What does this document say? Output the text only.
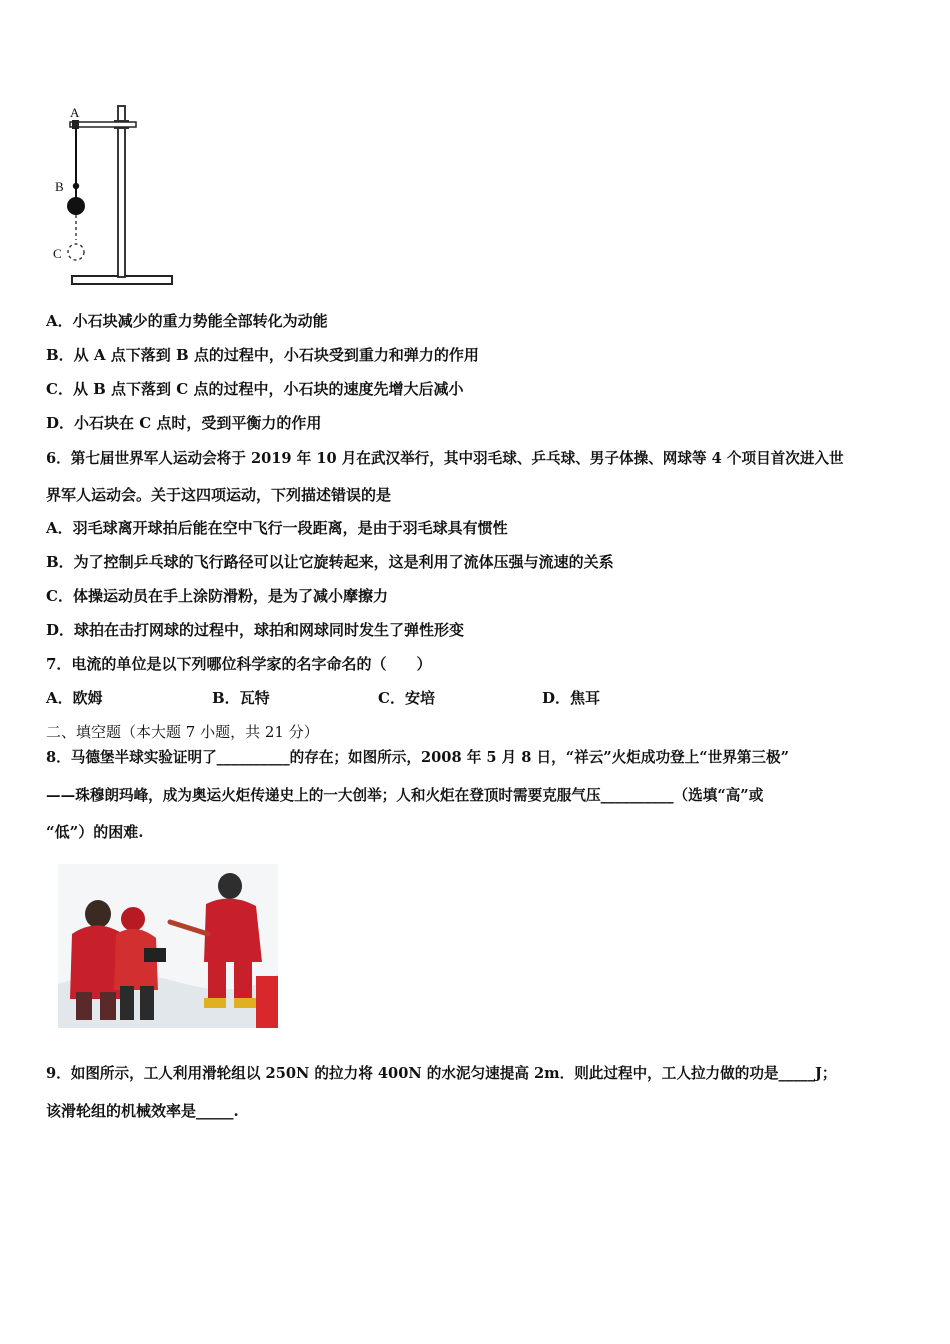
A
B
C
A．小石块减少的重力势能全部转化为动能
B．从 A 点下落到 B 点的过程中，小石块受到重力和弹力的作用
C．从 B 点下落到 C 点的过程中，小石块的速度先增大后减小
D．小石块在 C 点时，受到平衡力的作用
6．第七届世界军人运动会将于 2019 年 10 月在武汉举行，其中羽毛球、乒乓球、男子体操、网球等 4 个项目首次进入世
界军人运动会。关于这四项运动，下列描述错误的是
A．羽毛球离开球拍后能在空中飞行一段距离，是由于羽毛球具有惯性
B．为了控制乒乓球的飞行路径可以让它旋转起来，这是利用了流体压强与流速的关系
C．体操运动员在手上涂防滑粉，是为了减小摩擦力
D．球拍在击打网球的过程中，球拍和网球同时发生了弹性形变
7．电流的单位是以下列哪位科学家的名字命名的（　　）
A．欧姆	B．瓦特	C．安培	D．焦耳
二、填空题（本大题 7 小题，共 21 分）
8．马德堡半球实验证明了__________的存在；如图所示，2008 年 5 月 8 日，“祥云”火炬成功登上“世界第三极”
——珠穆朗玛峰，成为奥运火炬传递史上的一大创举；人和火炬在登顶时需要克服气压__________（选填“高”或
“低”）的困难.
9．如图所示，工人利用滑轮组以 250N 的拉力将 400N 的水泥匀速提高 2m．则此过程中，工人拉力做的功是_____J；
该滑轮组的机械效率是_____.
